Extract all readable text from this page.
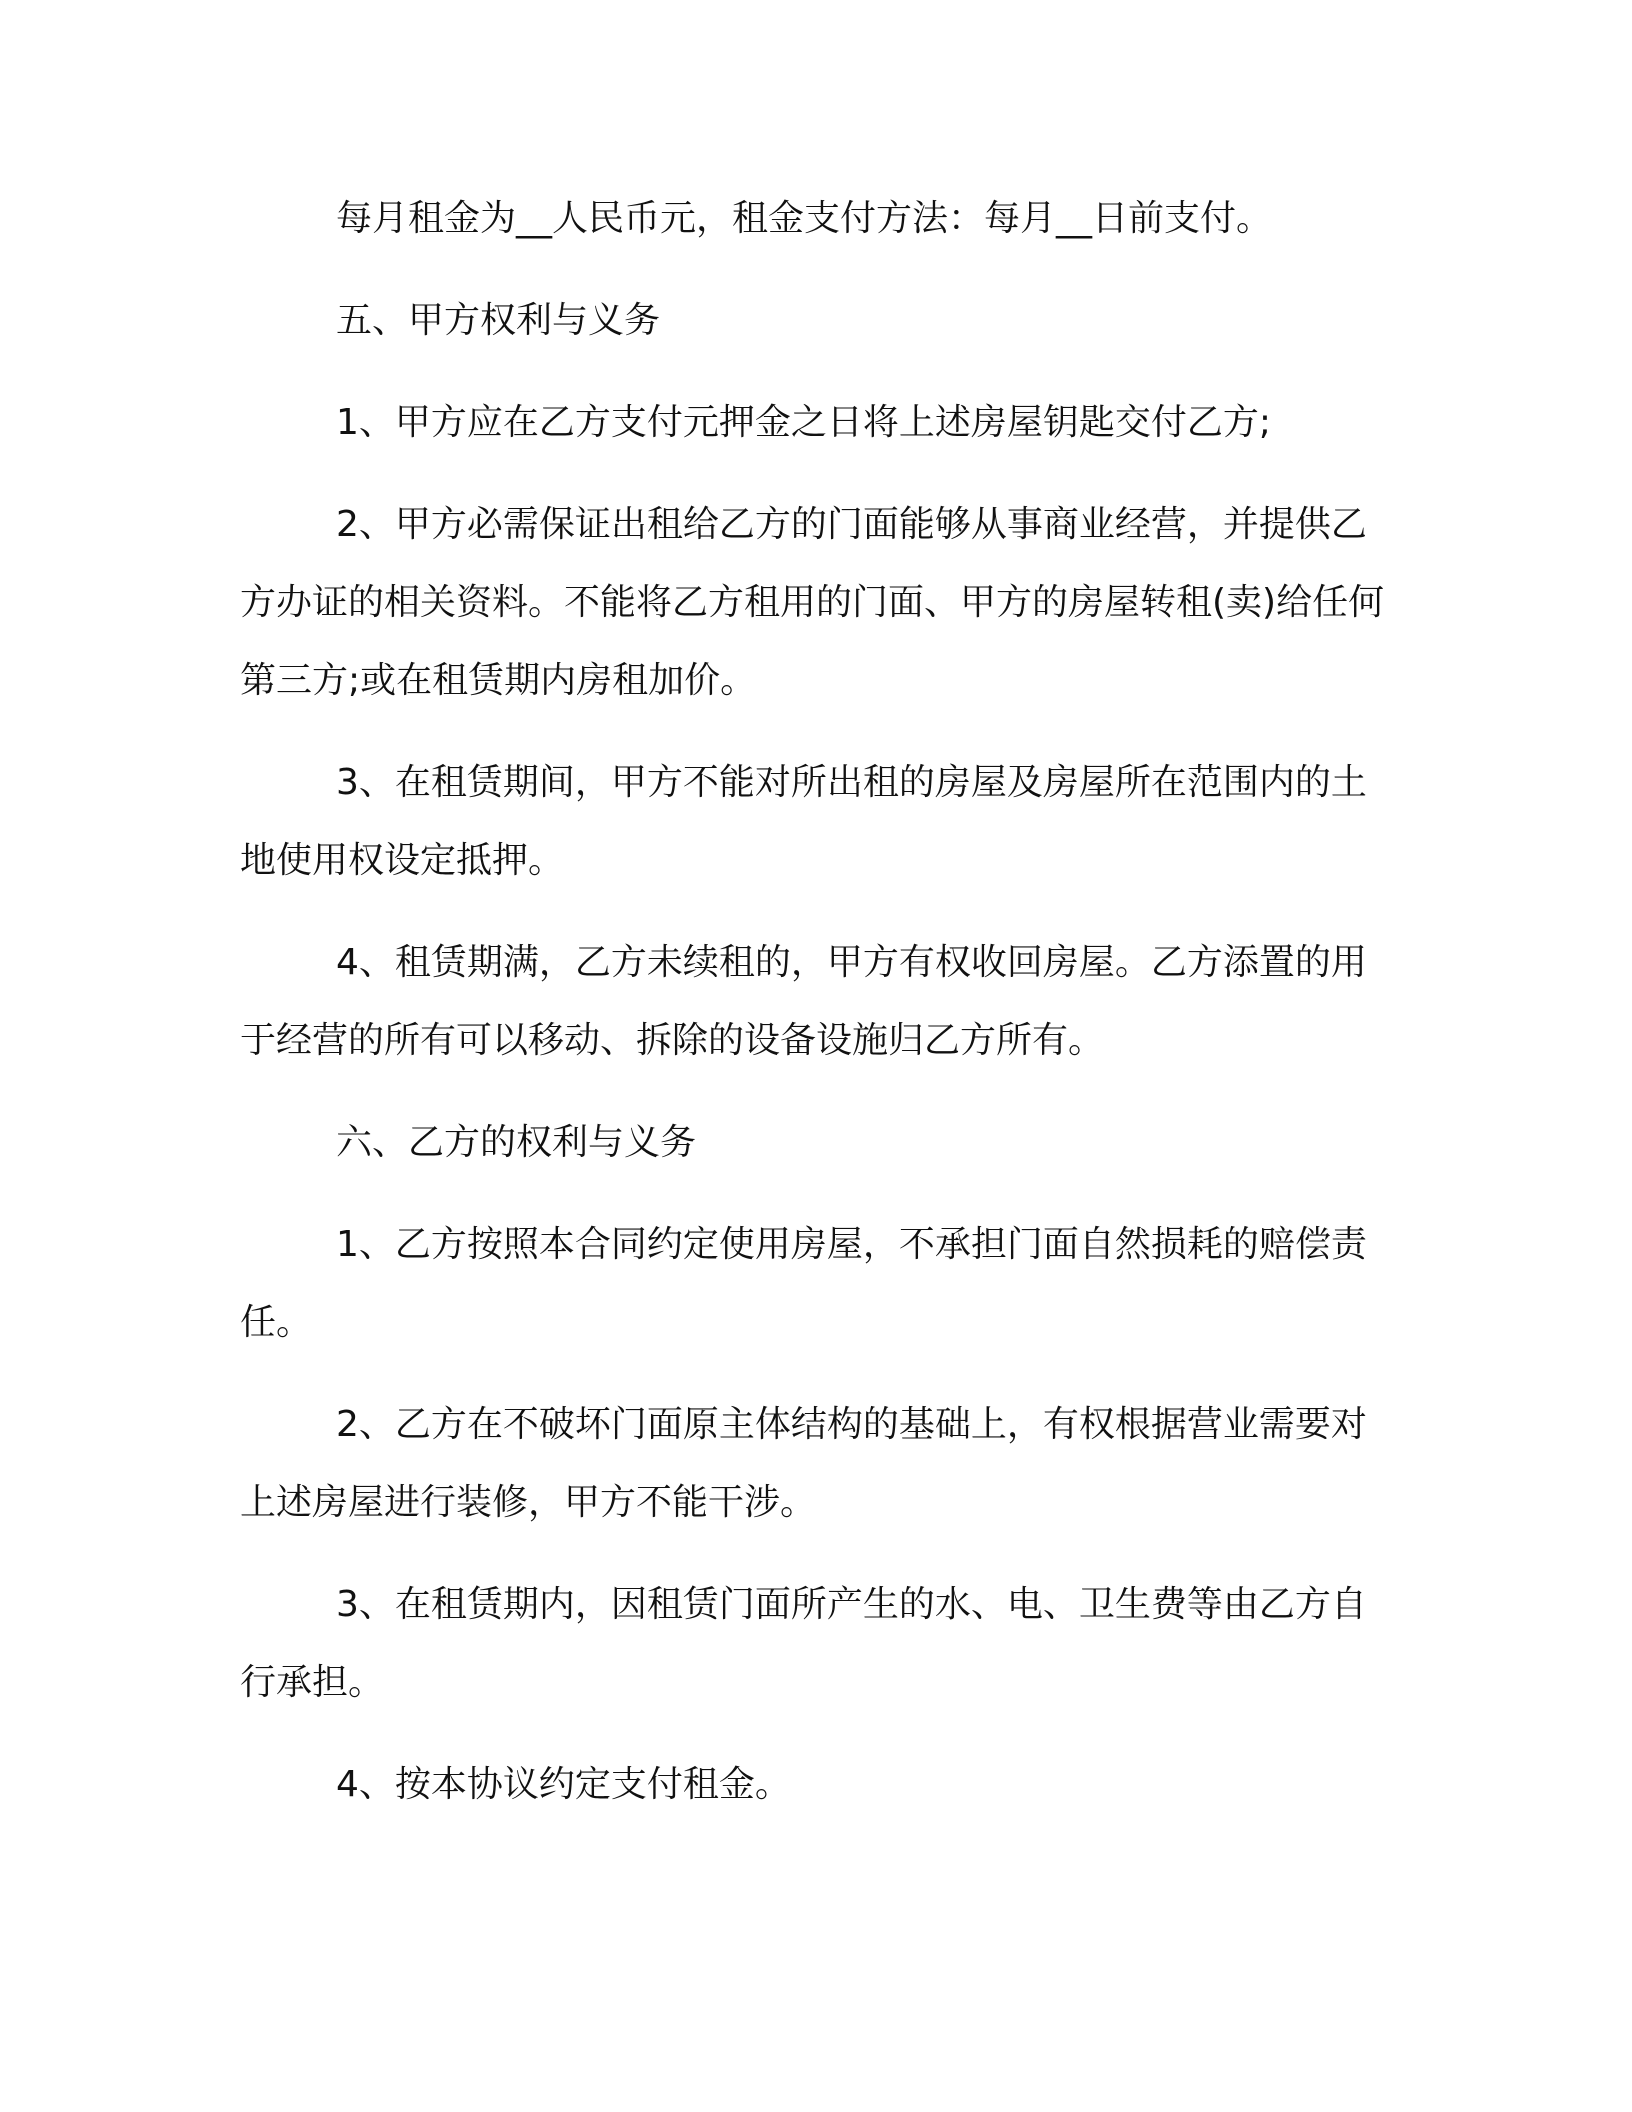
每月租金为__人民币元，租金支付方法：每月__日前支付。

五、甲方权利与义务

1、甲方应在乙方支付元押金之日将上述房屋钥匙交付乙方;

2、甲方必需保证出租给乙方的门面能够从事商业经营，并提供乙方办证的相关资料。不能将乙方租用的门面、甲方的房屋转租(卖)给任何第三方;或在租赁期内房租加价。

3、在租赁期间，甲方不能对所出租的房屋及房屋所在范围内的土地使用权设定抵押。

4、租赁期满，乙方未续租的，甲方有权收回房屋。乙方添置的用于经营的所有可以移动、拆除的设备设施归乙方所有。

六、乙方的权利与义务

1、乙方按照本合同约定使用房屋，不承担门面自然损耗的赔偿责任。

2、乙方在不破坏门面原主体结构的基础上，有权根据营业需要对上述房屋进行装修，甲方不能干涉。

3、在租赁期内，因租赁门面所产生的水、电、卫生费等由乙方自行承担。

4、按本协议约定支付租金。
